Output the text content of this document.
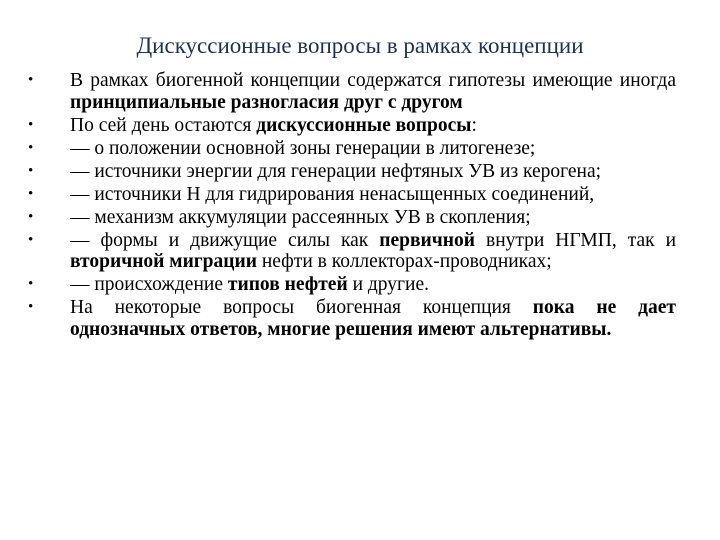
Дискуссионные вопросы в рамках концепции
•	В рамках биогенной концепции содержатся гипотезы имеющие иногда принципиальные разногласия друг с другом
•	По сей день остаются дискуссионные вопросы:
•	— о положении основной зоны генерации в литогенезе;
•	— источники энергии для генерации нефтяных УВ из керогена;
•	— источники Н для гидрирования ненасыщенных соединений,
•	— механизм аккумуляции рассеянных УВ в скопления;
•	— формы и движущие силы как первичной внутри НГМП, так и вторичной миграции нефти в коллекторах-проводниках;
•	— происхождение типов нефтей и другие.
•	На некоторые вопросы биогенная концепция пока не дает однозначных ответов, многие решения имеют альтернативы.
